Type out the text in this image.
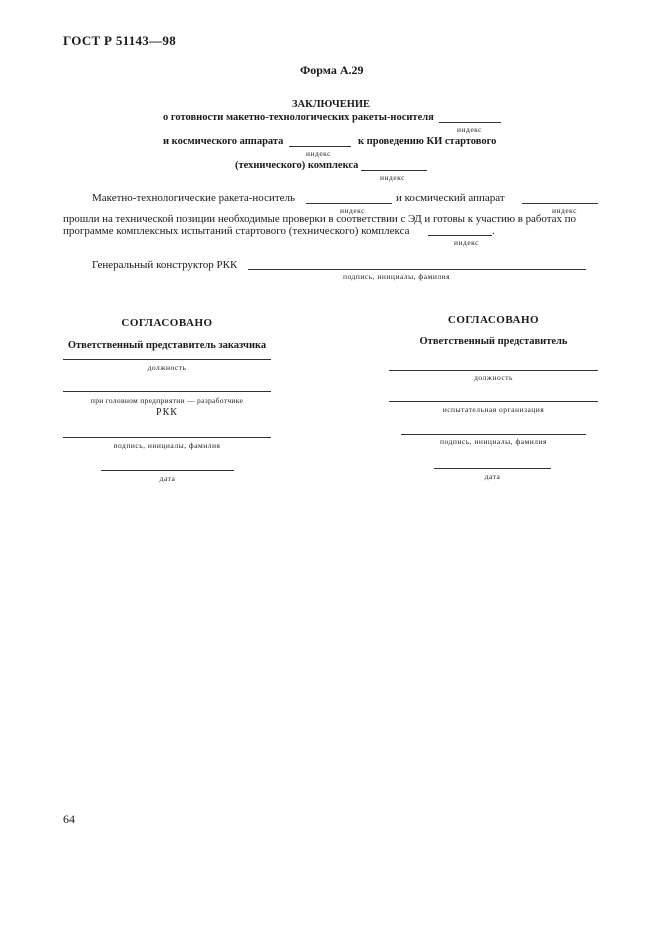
ГОСТ Р 51143—98
Форма А.29
ЗАКЛЮЧЕНИЕ
о готовности макетно-технологических ракеты-носителя
индекс
и космического аппарата	к проведению КИ стартового
индекс
(технического) комплекса
индекс
Макетно-технологические ракета-носитель
индекс
и космический аппарат
индекс
прошли на технической позиции необходимые проверки в соответствии с ЭД и готовы к участию в работах по
программе комплексных испытаний стартового (технического) комплекса	.
индекс
Генеральный конструктор РКК
подпись, инициалы, фамилия
СОГЛАСОВАНО
Ответственный представитель заказчика
должность
при головном предприятии — разработчике
РКК
подпись, инициалы, фамилия
дата
СОГЛАСОВАНО
Ответственный представитель
должность
испытательная организация
подпись, инициалы, фамилия
дата
64
